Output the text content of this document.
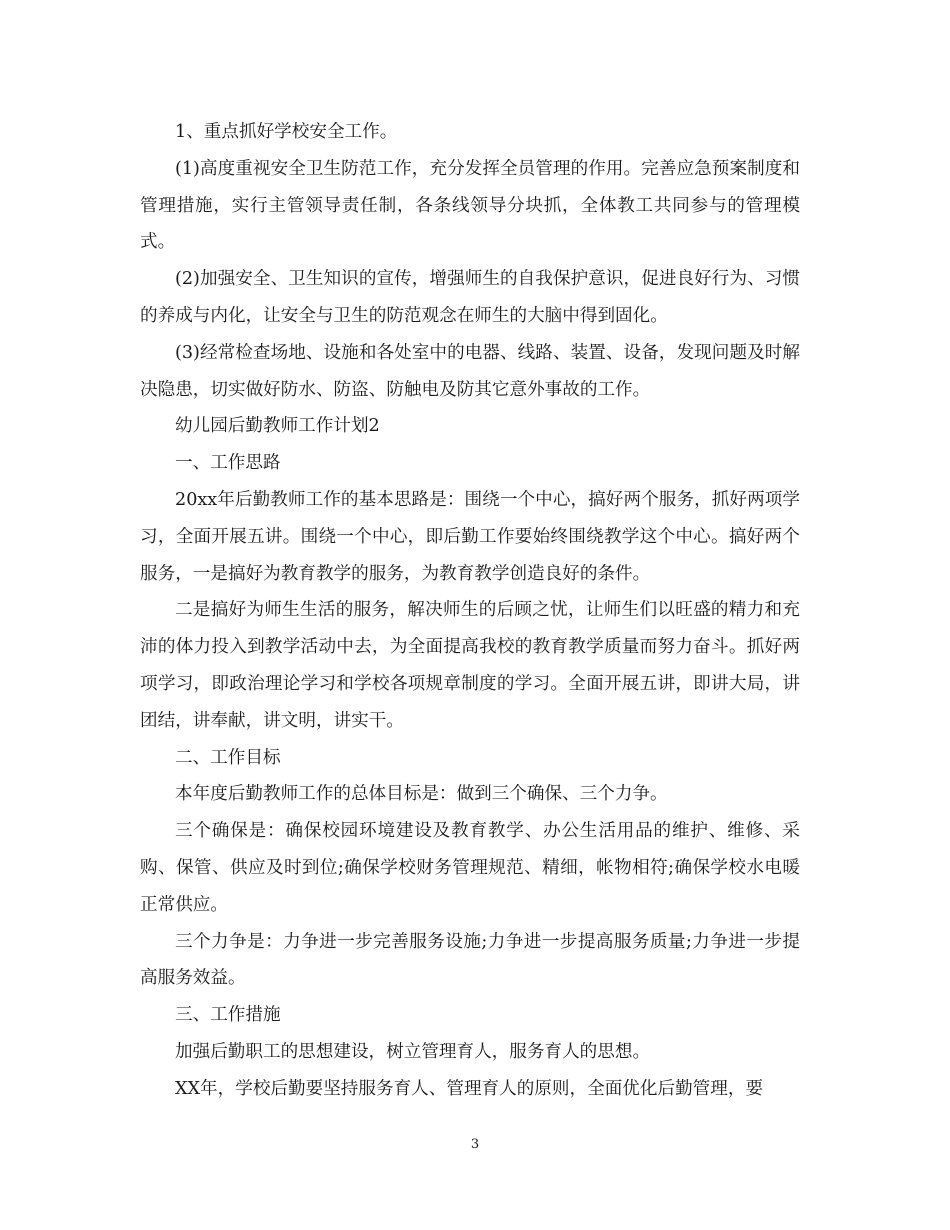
1、重点抓好学校安全工作。

(1)高度重视安全卫生防范工作，充分发挥全员管理的作用。完善应急预案制度和管理措施，实行主管领导责任制，各条线领导分块抓，全体教工共同参与的管理模式。

(2)加强安全、卫生知识的宣传，增强师生的自我保护意识，促进良好行为、习惯的养成与内化，让安全与卫生的防范观念在师生的大脑中得到固化。

(3)经常检查场地、设施和各处室中的电器、线路、装置、设备，发现问题及时解决隐患，切实做好防水、防盗、防触电及防其它意外事故的工作。

幼儿园后勤教师工作计划2

一、工作思路

20xx年后勤教师工作的基本思路是：围绕一个中心，搞好两个服务，抓好两项学习，全面开展五讲。围绕一个中心，即后勤工作要始终围绕教学这个中心。搞好两个服务，一是搞好为教育教学的服务，为教育教学创造良好的条件。

二是搞好为师生生活的服务，解决师生的后顾之忧，让师生们以旺盛的精力和充沛的体力投入到教学活动中去，为全面提高我校的教育教学质量而努力奋斗。抓好两项学习，即政治理论学习和学校各项规章制度的学习。全面开展五讲，即讲大局，讲团结，讲奉献，讲文明，讲实干。

二、工作目标

本年度后勤教师工作的总体目标是：做到三个确保、三个力争。

三个确保是：确保校园环境建设及教育教学、办公生活用品的维护、维修、采购、保管、供应及时到位;确保学校财务管理规范、精细，帐物相符;确保学校水电暖正常供应。

三个力争是：力争进一步完善服务设施;力争进一步提高服务质量;力争进一步提高服务效益。

三、工作措施

加强后勤职工的思想建设，树立管理育人，服务育人的思想。

XX年，学校后勤要坚持服务育人、管理育人的原则，全面优化后勤管理，要

3
